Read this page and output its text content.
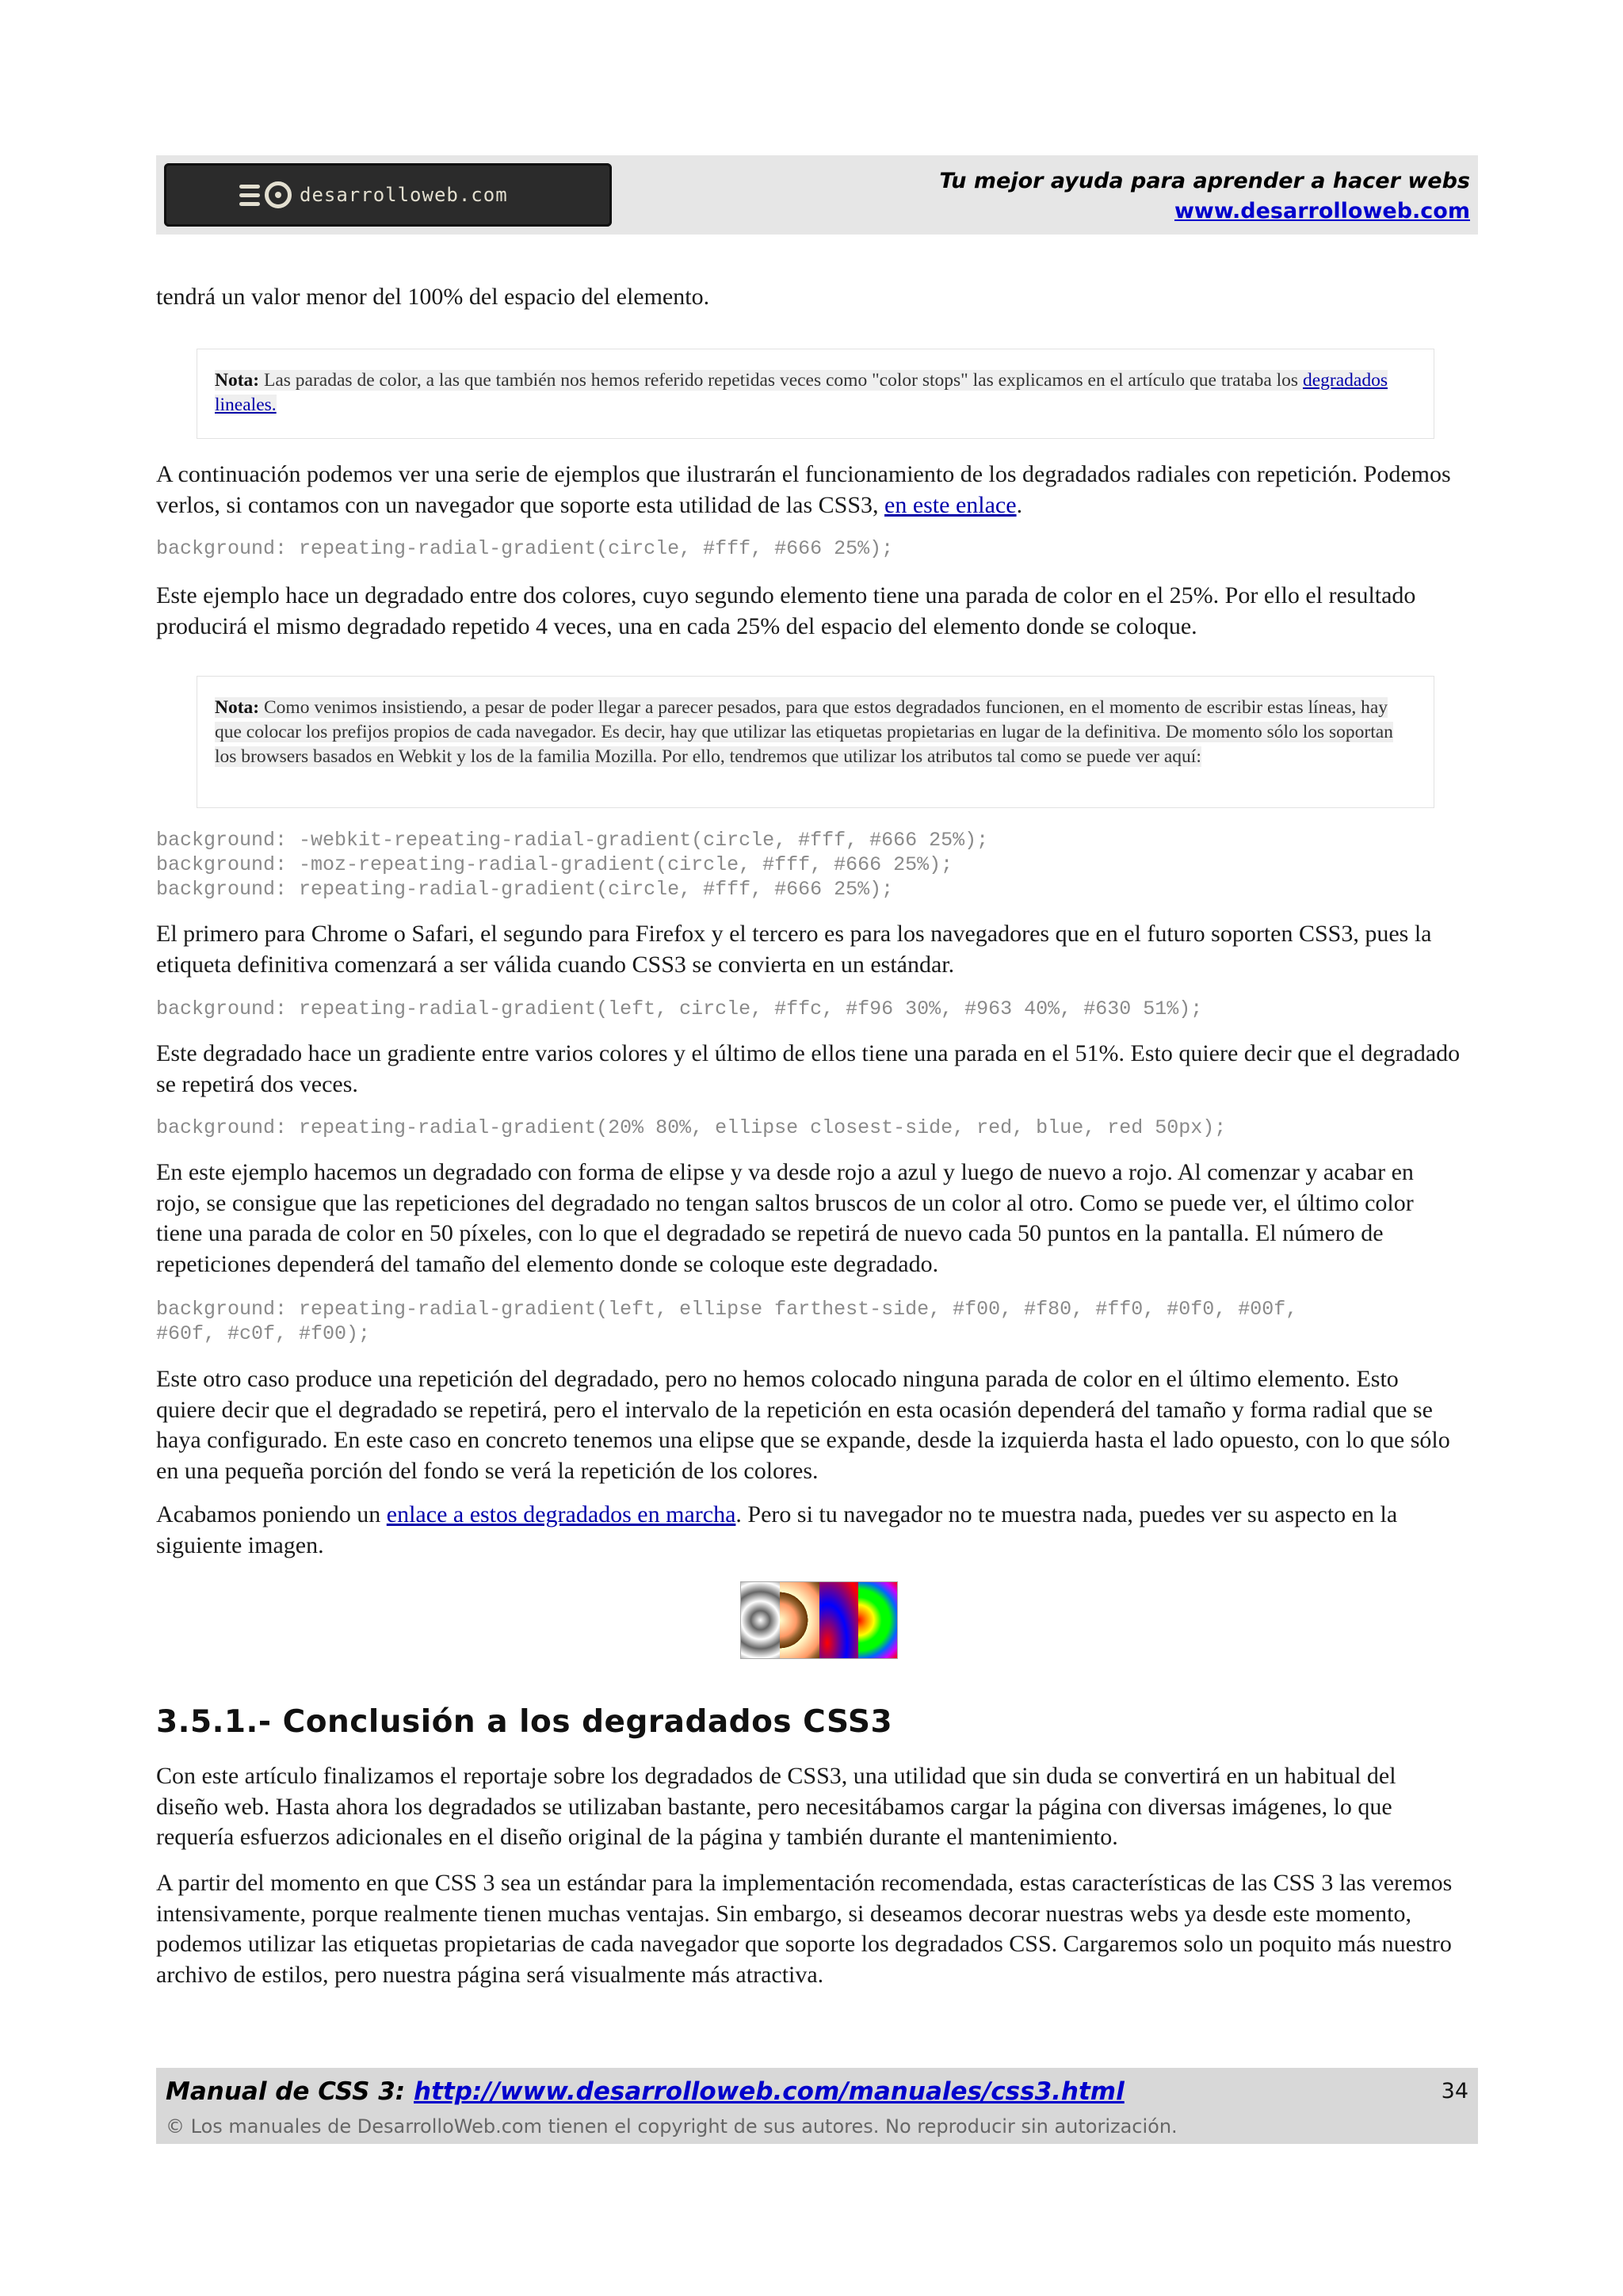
desarrolloweb.com
Tu mejor ayuda para aprender a hacer webs
www.desarrolloweb.com

tendrá un valor menor del 100% del espacio del elemento.

Nota: Las paradas de color, a las que también nos hemos referido repetidas veces como "color stops" las explicamos en el artículo que trataba los degradados lineales.

A continuación podemos ver una serie de ejemplos que ilustrarán el funcionamiento de los degradados radiales con repetición. Podemos verlos, si contamos con un navegador que soporte esta utilidad de las CSS3, en este enlace.

background: repeating-radial-gradient(circle, #fff, #666 25%);

Este ejemplo hace un degradado entre dos colores, cuyo segundo elemento tiene una parada de color en el 25%. Por ello el resultado producirá el mismo degradado repetido 4 veces, una en cada 25% del espacio del elemento donde se coloque.

Nota: Como venimos insistiendo, a pesar de poder llegar a parecer pesados, para que estos degradados funcionen, en el momento de escribir estas líneas, hay que colocar los prefijos propios de cada navegador. Es decir, hay que utilizar las etiquetas propietarias en lugar de la definitiva. De momento sólo los soportan los browsers basados en Webkit y los de la familia Mozilla. Por ello, tendremos que utilizar los atributos tal como se puede ver aquí:

background: -webkit-repeating-radial-gradient(circle, #fff, #666 25%);
background: -moz-repeating-radial-gradient(circle, #fff, #666 25%);
background: repeating-radial-gradient(circle, #fff, #666 25%);

El primero para Chrome o Safari, el segundo para Firefox y el tercero es para los navegadores que en el futuro soporten CSS3, pues la etiqueta definitiva comenzará a ser válida cuando CSS3 se convierta en un estándar.

background: repeating-radial-gradient(left, circle, #ffc, #f96 30%, #963 40%, #630 51%);

Este degradado hace un gradiente entre varios colores y el último de ellos tiene una parada en el 51%. Esto quiere decir que el degradado se repetirá dos veces.

background: repeating-radial-gradient(20% 80%, ellipse closest-side, red, blue, red 50px);

En este ejemplo hacemos un degradado con forma de elipse y va desde rojo a azul y luego de nuevo a rojo. Al comenzar y acabar en rojo, se consigue que las repeticiones del degradado no tengan saltos bruscos de un color al otro. Como se puede ver, el último color tiene una parada de color en 50 píxeles, con lo que el degradado se repetirá de nuevo cada 50 puntos en la pantalla. El número de repeticiones dependerá del tamaño del elemento donde se coloque este degradado.

background: repeating-radial-gradient(left, ellipse farthest-side, #f00, #f80, #ff0, #0f0, #00f,
#60f, #c0f, #f00);

Este otro caso produce una repetición del degradado, pero no hemos colocado ninguna parada de color en el último elemento. Esto quiere decir que el degradado se repetirá, pero el intervalo de la repetición en esta ocasión dependerá del tamaño y forma radial que se haya configurado. En este caso en concreto tenemos una elipse que se expande, desde la izquierda hasta el lado opuesto, con lo que sólo en una pequeña porción del fondo se verá la repetición de los colores.

Acabamos poniendo un enlace a estos degradados en marcha. Pero si tu navegador no te muestra nada, puedes ver su aspecto en la siguiente imagen.

3.5.1.- Conclusión a los degradados CSS3

Con este artículo finalizamos el reportaje sobre los degradados de CSS3, una utilidad que sin duda se convertirá en un habitual del diseño web. Hasta ahora los degradados se utilizaban bastante, pero necesitábamos cargar la página con diversas imágenes, lo que requería esfuerzos adicionales en el diseño original de la página y también durante el mantenimiento.

A partir del momento en que CSS 3 sea un estándar para la implementación recomendada, estas características de las CSS 3 las veremos intensivamente, porque realmente tienen muchas ventajas. Sin embargo, si deseamos decorar nuestras webs ya desde este momento, podemos utilizar las etiquetas propietarias de cada navegador que soporte los degradados CSS. Cargaremos solo un poquito más nuestro archivo de estilos, pero nuestra página será visualmente más atractiva.

Manual de CSS 3: http://www.desarrolloweb.com/manuales/css3.html	34
© Los manuales de DesarrolloWeb.com tienen el copyright de sus autores. No reproducir sin autorización.
